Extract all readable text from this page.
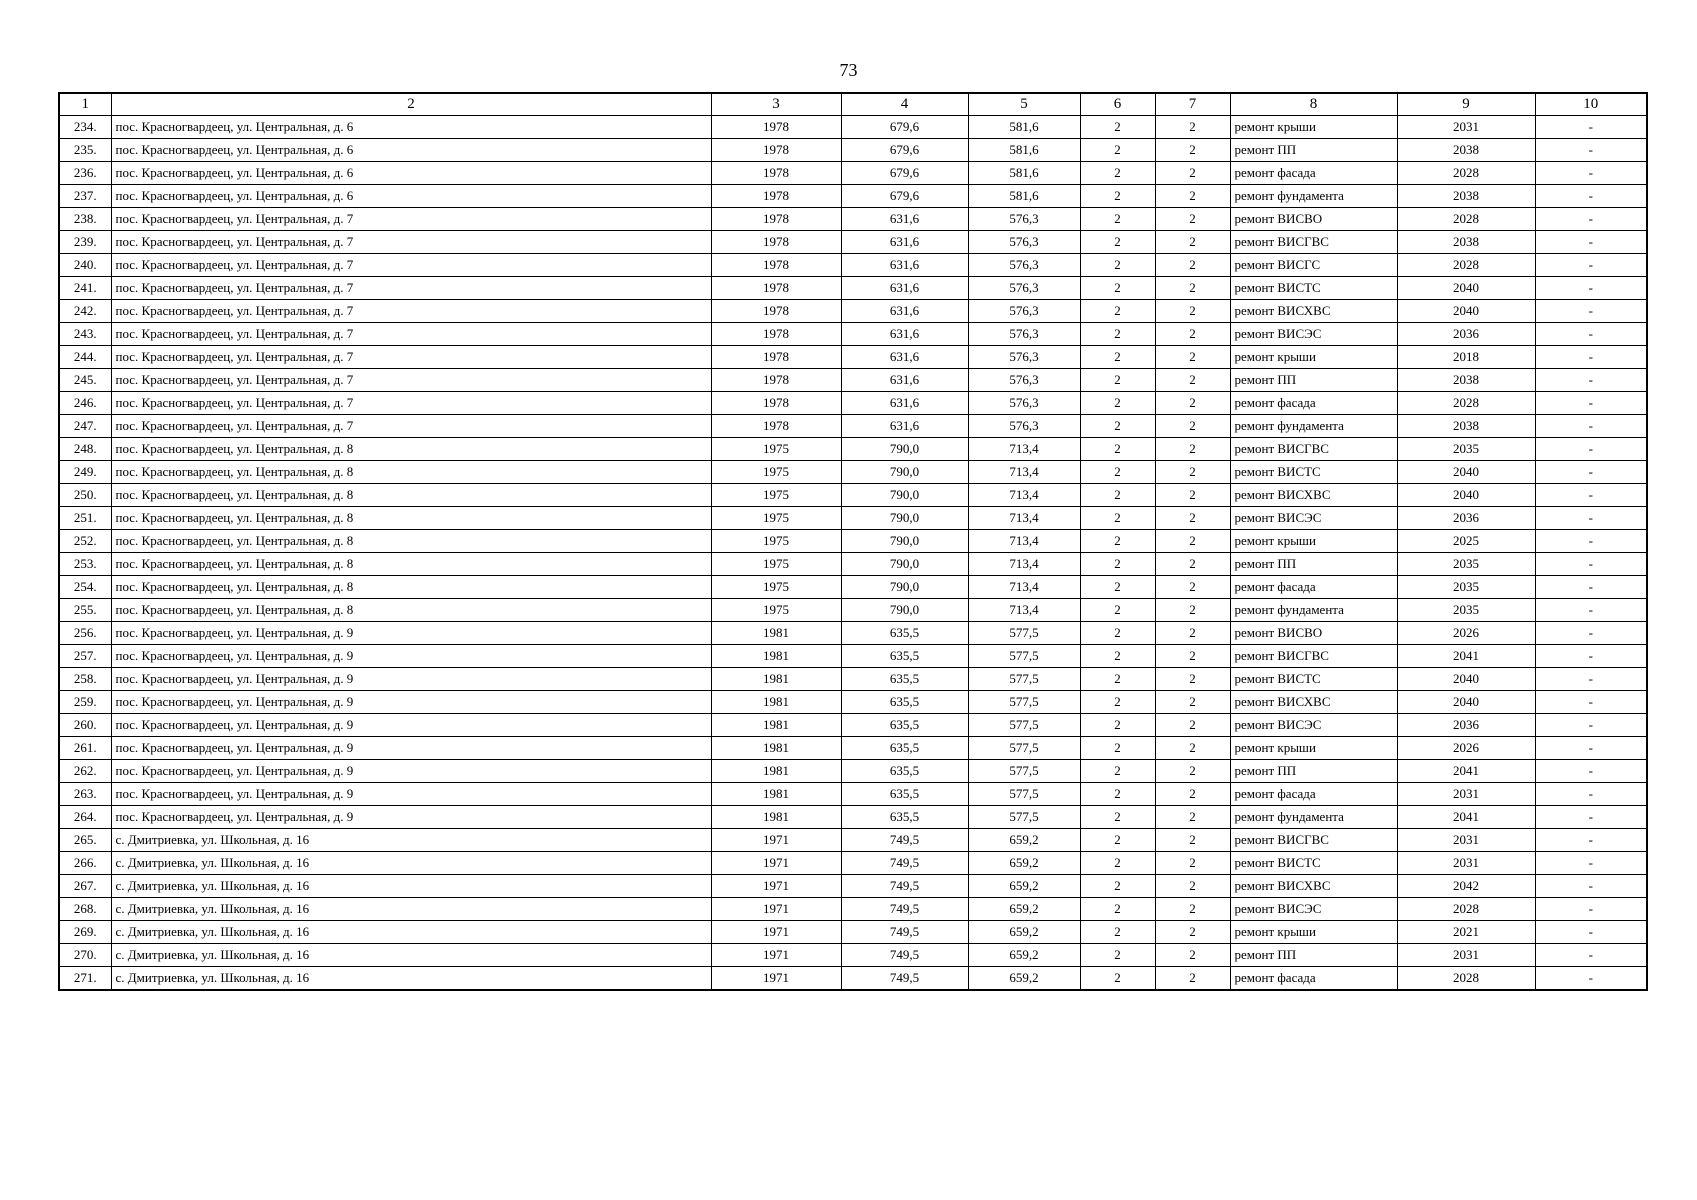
73
1	2	3	4	5	6	7	8	9	10
234.	пос. Красногвардеец, ул. Центральная, д. 6	1978	679,6	581,6	2	2	ремонт крыши	2031	-
235.	пос. Красногвардеец, ул. Центральная, д. 6	1978	679,6	581,6	2	2	ремонт ПП	2038	-
236.	пос. Красногвардеец, ул. Центральная, д. 6	1978	679,6	581,6	2	2	ремонт фасада	2028	-
237.	пос. Красногвардеец, ул. Центральная, д. 6	1978	679,6	581,6	2	2	ремонт фундамента	2038	-
238.	пос. Красногвардеец, ул. Центральная, д. 7	1978	631,6	576,3	2	2	ремонт ВИСВО	2028	-
239.	пос. Красногвардеец, ул. Центральная, д. 7	1978	631,6	576,3	2	2	ремонт ВИСГВС	2038	-
240.	пос. Красногвардеец, ул. Центральная, д. 7	1978	631,6	576,3	2	2	ремонт ВИСГС	2028	-
241.	пос. Красногвардеец, ул. Центральная, д. 7	1978	631,6	576,3	2	2	ремонт ВИСТС	2040	-
242.	пос. Красногвардеец, ул. Центральная, д. 7	1978	631,6	576,3	2	2	ремонт ВИСХВС	2040	-
243.	пос. Красногвардеец, ул. Центральная, д. 7	1978	631,6	576,3	2	2	ремонт ВИСЭС	2036	-
244.	пос. Красногвардеец, ул. Центральная, д. 7	1978	631,6	576,3	2	2	ремонт крыши	2018	-
245.	пос. Красногвардеец, ул. Центральная, д. 7	1978	631,6	576,3	2	2	ремонт ПП	2038	-
246.	пос. Красногвардеец, ул. Центральная, д. 7	1978	631,6	576,3	2	2	ремонт фасада	2028	-
247.	пос. Красногвардеец, ул. Центральная, д. 7	1978	631,6	576,3	2	2	ремонт фундамента	2038	-
248.	пос. Красногвардеец, ул. Центральная, д. 8	1975	790,0	713,4	2	2	ремонт ВИСГВС	2035	-
249.	пос. Красногвардеец, ул. Центральная, д. 8	1975	790,0	713,4	2	2	ремонт ВИСТС	2040	-
250.	пос. Красногвардеец, ул. Центральная, д. 8	1975	790,0	713,4	2	2	ремонт ВИСХВС	2040	-
251.	пос. Красногвардеец, ул. Центральная, д. 8	1975	790,0	713,4	2	2	ремонт ВИСЭС	2036	-
252.	пос. Красногвардеец, ул. Центральная, д. 8	1975	790,0	713,4	2	2	ремонт крыши	2025	-
253.	пос. Красногвардеец, ул. Центральная, д. 8	1975	790,0	713,4	2	2	ремонт ПП	2035	-
254.	пос. Красногвардеец, ул. Центральная, д. 8	1975	790,0	713,4	2	2	ремонт фасада	2035	-
255.	пос. Красногвардеец, ул. Центральная, д. 8	1975	790,0	713,4	2	2	ремонт фундамента	2035	-
256.	пос. Красногвардеец, ул. Центральная, д. 9	1981	635,5	577,5	2	2	ремонт ВИСВО	2026	-
257.	пос. Красногвардеец, ул. Центральная, д. 9	1981	635,5	577,5	2	2	ремонт ВИСГВС	2041	-
258.	пос. Красногвардеец, ул. Центральная, д. 9	1981	635,5	577,5	2	2	ремонт ВИСТС	2040	-
259.	пос. Красногвардеец, ул. Центральная, д. 9	1981	635,5	577,5	2	2	ремонт ВИСХВС	2040	-
260.	пос. Красногвардеец, ул. Центральная, д. 9	1981	635,5	577,5	2	2	ремонт ВИСЭС	2036	-
261.	пос. Красногвардеец, ул. Центральная, д. 9	1981	635,5	577,5	2	2	ремонт крыши	2026	-
262.	пос. Красногвардеец, ул. Центральная, д. 9	1981	635,5	577,5	2	2	ремонт ПП	2041	-
263.	пос. Красногвардеец, ул. Центральная, д. 9	1981	635,5	577,5	2	2	ремонт фасада	2031	-
264.	пос. Красногвардеец, ул. Центральная, д. 9	1981	635,5	577,5	2	2	ремонт фундамента	2041	-
265.	с. Дмитриевка, ул. Школьная, д. 16	1971	749,5	659,2	2	2	ремонт ВИСГВС	2031	-
266.	с. Дмитриевка, ул. Школьная, д. 16	1971	749,5	659,2	2	2	ремонт ВИСТС	2031	-
267.	с. Дмитриевка, ул. Школьная, д. 16	1971	749,5	659,2	2	2	ремонт ВИСХВС	2042	-
268.	с. Дмитриевка, ул. Школьная, д. 16	1971	749,5	659,2	2	2	ремонт ВИСЭС	2028	-
269.	с. Дмитриевка, ул. Школьная, д. 16	1971	749,5	659,2	2	2	ремонт крыши	2021	-
270.	с. Дмитриевка, ул. Школьная, д. 16	1971	749,5	659,2	2	2	ремонт ПП	2031	-
271.	с. Дмитриевка, ул. Школьная, д. 16	1971	749,5	659,2	2	2	ремонт фасада	2028	-
